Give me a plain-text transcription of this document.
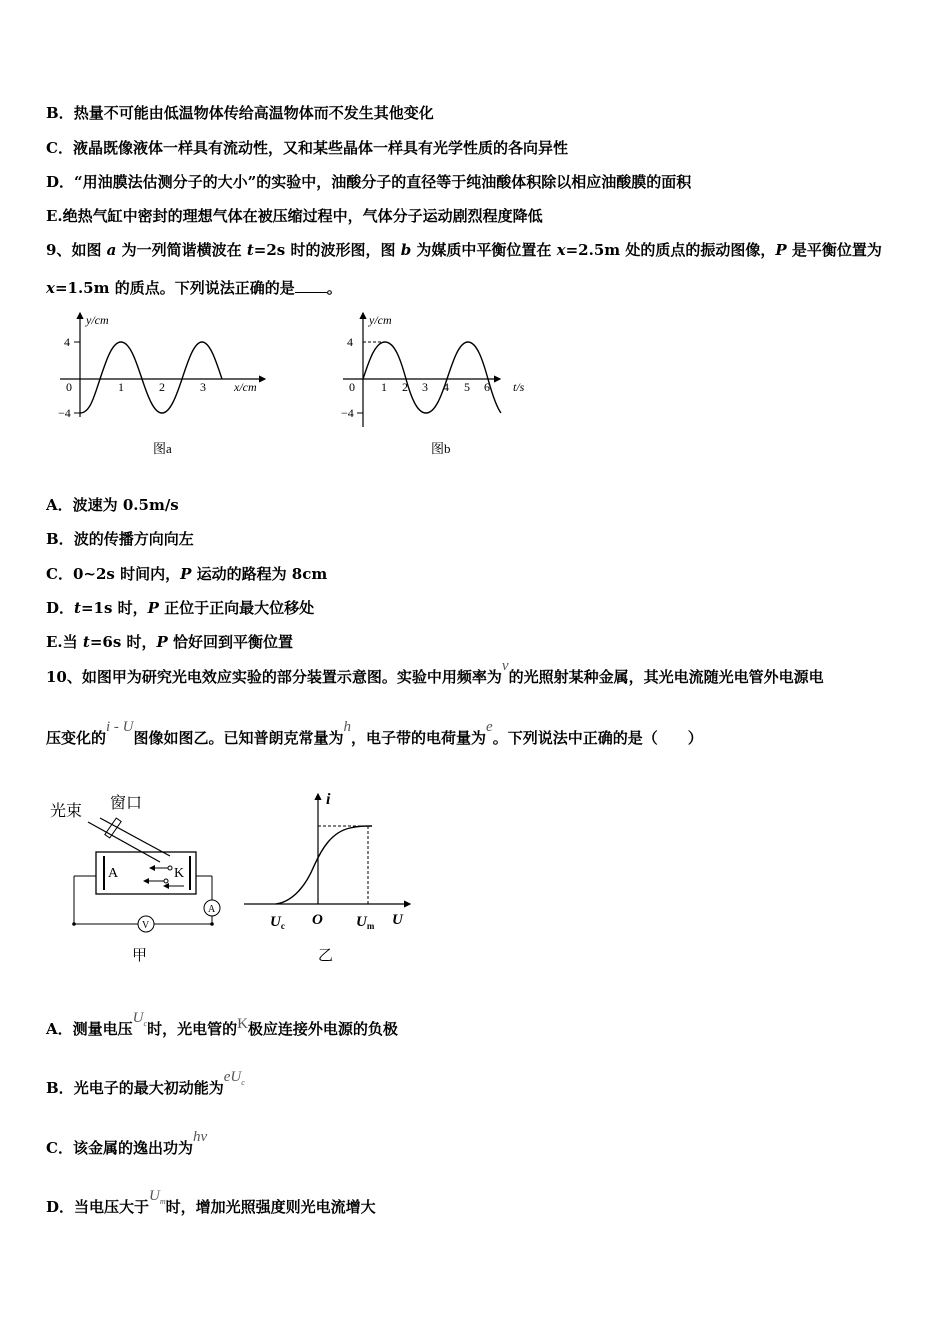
B．热量不可能由低温物体传给高温物体而不发生其他变化
C．液晶既像液体一样具有流动性，又和某些晶体一样具有光学性质的各向异性
D．“用油膜法估测分子的大小”的实验中，油酸分子的直径等于纯油酸体积除以相应油酸膜的面积
E.绝热气缸中密封的理想气体在被压缩过程中，气体分子运动剧烈程度降低
9、如图 a 为一列简谐横波在 t=2s 时的波形图，图 b 为媒质中平衡位置在 x=2.5m 处的质点的振动图像，P 是平衡位置为
x=1.5m 的质点。下列说法正确的是 。
y/cm
4
−4
0	1	2	3 x/cm
图a
y/cm
4
−4
0 1 2 3 4 5 6 t/s
图b
A．波速为 0.5m/s
B．波的传播方向向左
C．0~2s 时间内，P 运动的路程为 8cm
D．t=1s 时，P 正位于正向最大位移处
E.当 t=6s 时，P 恰好回到平衡位置
10、如图甲为研究光电效应实验的部分装置示意图。实验中用频率为ν的光照射某种金属，其光电流随光电管外电源电
压变化的i - U图像如图乙。已知普朗克常量为h，电子带的电荷量为e。下列说法中正确的是（　　）
光束 窗口
A	K
V
A
甲
i
$U_c$ O $U_m$ U
乙
A．测量电压$U_c$时，光电管的K极应连接外电源的负极
B．光电子的最大初动能为$eU_c$
C．该金属的逸出功为hν
D．当电压大于$U_m$时，增加光照强度则光电流增大
